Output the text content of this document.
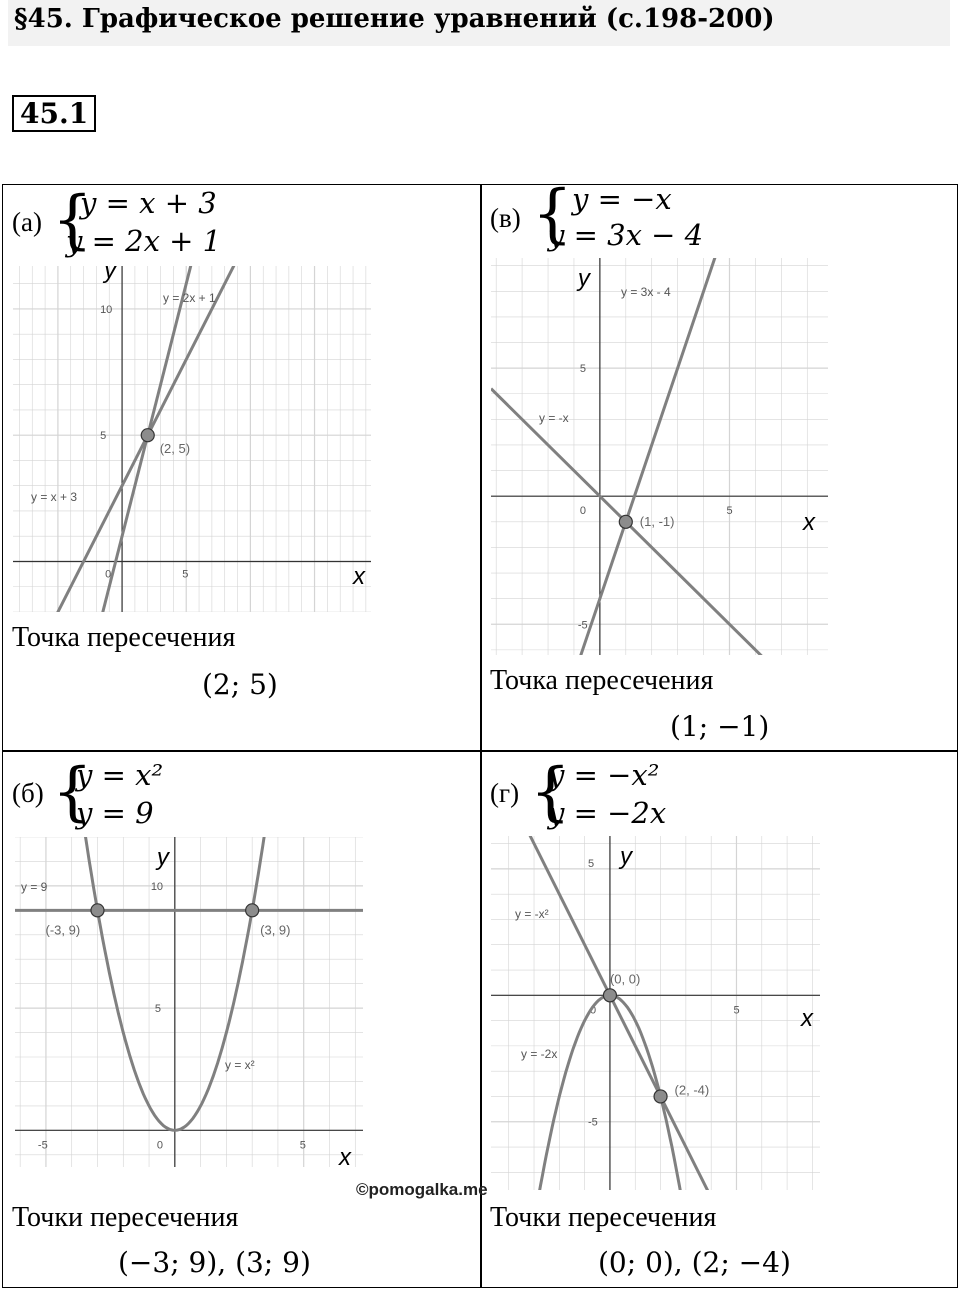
§45. Графическое решение уравнений (с.198-200)
45.1
(а) {
y = x + 3
y = 2x + 1
10
5
0	5
y
x
y = x + 3
y = 2x + 1
(2, 5)
Точка пересечения
(2; 5)
(в) { y = −x
y = 3x − 4
5
0	5
-5
y
x
y = -x
y = 3x - 4
(1, -1)
Точка пересечения
(1; −1)
(б) {
y = x²
y = 9
10
5
-5	0	5
y
x
y = x²
y = 9
(-3, 9)	(3, 9)
Точки пересечения
(−3; 9), (3; 9)
(г) {
y = −x²
y = −2x
5
0	5
-5
y
x
y = -2x
y = -x²
(0, 0)
(2, -4)
Точки пересечения
(0; 0), (2; −4)
©pomogalka.me
